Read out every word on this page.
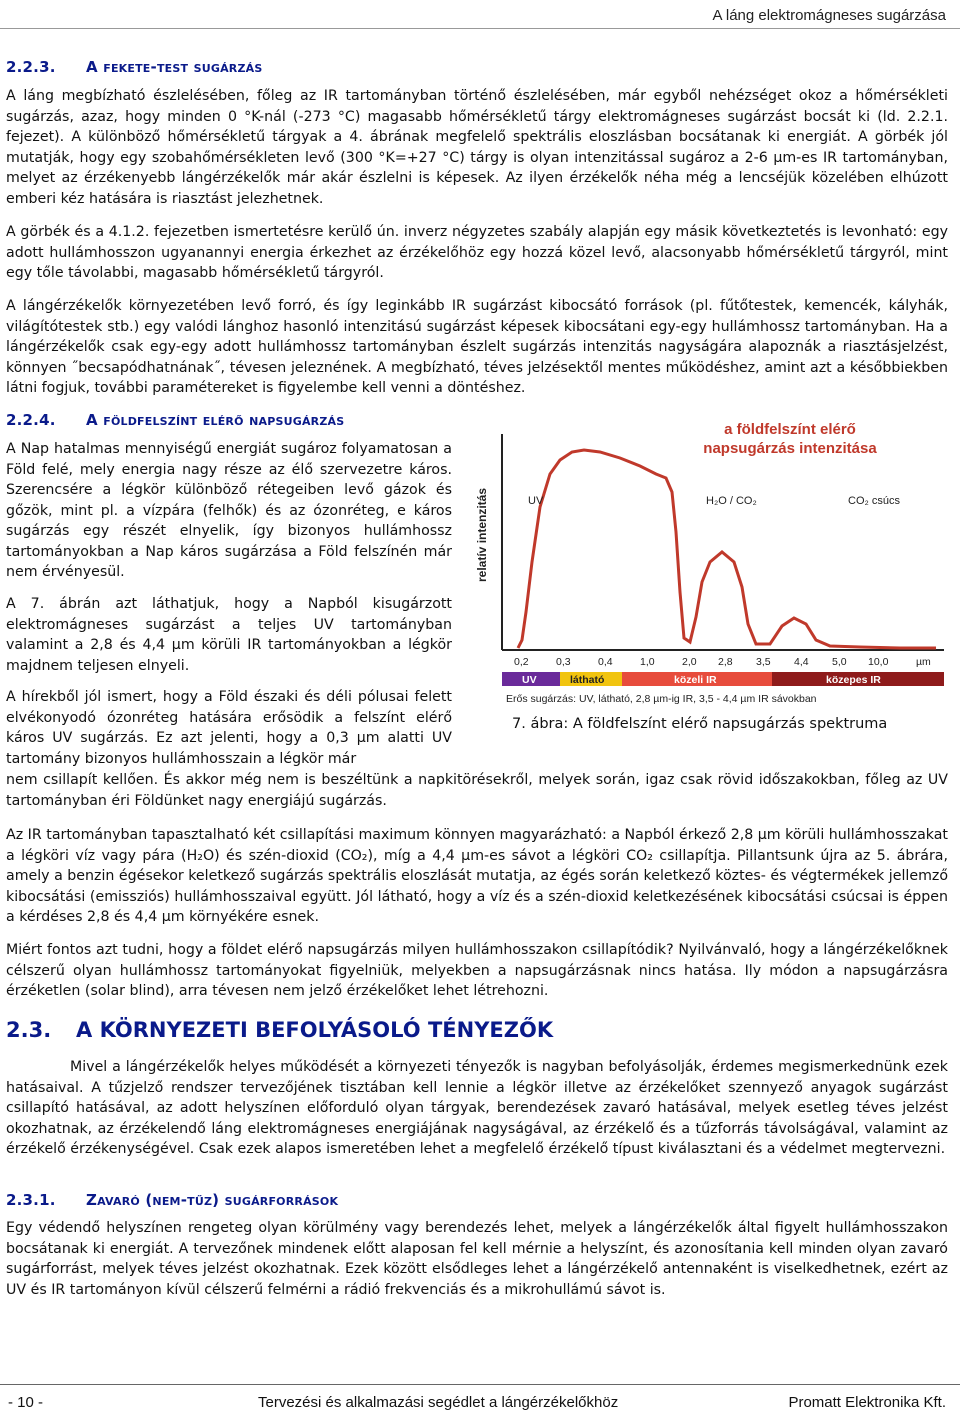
A láng elektromágneses sugárzása
2.2.3. A fekete-test sugárzás

A láng megbízható észlelésében, főleg az IR tartományban történő észlelésében, már egyből nehézséget okoz a hőmérsékleti sugárzás, azaz, hogy minden 0 °K-nál (-273 °C) magasabb hőmérsékletű tárgy elektromágneses sugárzást bocsát ki (ld. 2.2.1. fejezet). A különböző hőmérsékletű tárgyak a 4. ábrának megfelelő spektrális eloszlásban bocsátanak ki energiát. A görbék jól mutatják, hogy egy szobahőmérsékleten levő (300 °K=+27 °C) tárgy is olyan intenzitással sugároz a 2-6 µm-es IR tartományban, melyet az érzékenyebb lángérzékelők már akár észlelni is képesek. Az ilyen érzékelők néha még a lencséjük közelében elhúzott emberi kéz hatására is riasztást jelezhetnek.

A görbék és a 4.1.2. fejezetben ismertetésre kerülő ún. inverz négyzetes szabály alapján egy másik következtetés is levonható: egy adott hullámhosszon ugyanannyi energia érkezhet az érzékelőhöz egy hozzá közel levő, alacsonyabb hőmérsékletű tárgyról, mint egy tőle távolabbi, magasabb hőmérsékletű tárgyról.

A lángérzékelők környezetében levő forró, és így leginkább IR sugárzást kibocsátó források (pl. fűtőtestek, kemencék, kályhák, világítótestek stb.) egy valódi lánghoz hasonló intenzitású sugárzást képesek kibocsátani egy-egy hullámhossz tartományban. Ha a lángérzékelők csak egy-egy adott hullámhossz tartományban észlelt sugárzás intenzitás nagyságára alapoznák a riasztásjelzést, könnyen ˝becsapódhatnának˝, tévesen jeleznének. A megbízható, téves jelzésektől mentes működéshez, amint azt a későbbiekben látni fogjuk, további paramétereket is figyelembe kell venni a döntéshez.

2.2.4. A földfelszínt elérő napsugárzás

A Nap hatalmas mennyiségű energiát sugároz folyamatosan a Föld felé, mely energia nagy része az élő szervezetre káros. Szerencsére a légkör különböző rétegeiben levő gázok és gőzök, mint pl. a vízpára (felhők) és az ózonréteg, e káros sugárzás egy részét elnyelik, így bizonyos hullámhossz tartományokban a Nap káros sugárzása a Föld felszínén már nem érvényesül.

A 7. ábrán azt láthatjuk, hogy a Napból kisugárzott elektromágneses sugárzást a teljes UV tartományban valamint a 2,8 és 4,4 µm körüli IR tartományokban a légkör majdnem teljesen elnyeli.

A hírekből jól ismert, hogy a Föld északi és déli pólusai felett elvékonyodó ózonréteg hatására erősödik a felszínt elérő káros UV sugárzás. Ez azt jelenti, hogy a 0,3 µm alatti UV tartomány bizonyos hullámhosszain a légkör már

nem csillapít kellően. És akkor még nem is beszéltünk a napkitörésekről, melyek során, igaz csak rövid időszakokban, főleg az UV tartományban éri Földünket nagy energiájú sugárzás.

Az IR tartományban tapasztalható két csillapítási maximum könnyen magyarázható: a Napból érkező 2,8 µm körüli hullámhosszakat a légköri víz vagy pára (H₂O) és szén-dioxid (CO₂), míg a 4,4 µm-es sávot a légköri CO₂ csillapítja. Pillantsunk újra az 5. ábrára, amely a benzin égésekor keletkező sugárzás spektrális eloszlását mutatja, az égés során keletkező köztes- és végtermékek jellemző kibocsátási (emissziós) hullámhosszaival együtt. Jól látható, hogy a víz és a szén-dioxid keletkezésének kibocsátási csúcsai is éppen a kérdéses 2,8 és 4,4 µm környékére esnek.

Miért fontos azt tudni, hogy a földet elérő napsugárzás milyen hullámhosszakon csillapítódik? Nyilvánvaló, hogy a lángérzékelőknek célszerű olyan hullámhossz tartományokat figyelniük, melyekben a napsugárzásnak nincs hatása. Ily módon a napsugárzásra érzéketlen (solar blind), arra tévesen nem jelző érzékelőket lehet létrehozni.

2.3. A KÖRNYEZETI BEFOLYÁSOLÓ TÉNYEZŐK

Mivel a lángérzékelők helyes működését a környezeti tényezők is nagyban befolyásolják, érdemes megismerkednünk ezek hatásaival. A tűzjelző rendszer tervezőjének tisztában kell lennie a légkör illetve az érzékelőket szennyező anyagok sugárzást csillapító hatásával, az adott helyszínen előforduló olyan tárgyak, berendezések zavaró hatásával, melyek esetleg téves jelzést okozhatnak, az érzékelendő láng elektromágneses energiájának nagyságával, az érzékelő és a tűzforrás távolságával, valamint az érzékelő érzékenységével. Csak ezek alapos ismeretében lehet a megfelelő érzékelő típust kiválasztani és a védelmet megtervezni.

2.3.1. Zavaró (nem-tűz) sugárforrások

Egy védendő helyszínen rengeteg olyan körülmény vagy berendezés lehet, melyek a lángérzékelők által figyelt hullámhosszakon bocsátanak ki energiát. A tervezőnek mindenek előtt alaposan fel kell mérnie a helyszínt, és azonosítania kell minden olyan zavaró sugárforrást, melyek téves jelzést okozhatnak. Ezek között elsődleges lehet a lángérzékelő antennaként is viselkedhetnek, ezért az UV és IR tartományon kívül célszerű felmérni a rádió frekvenciás és a mikrohullámú sávot is.

relatív intenzitás	UV	H₂O / CO₂	CO₂ csúcs
0,2	0,3	0,4	1,0	2,0 2,8 3,5 4,4 5,0 10,0	µm
UV	látható	közeli IR	közepes IR
Erős sugárzás: UV, látható, 2,8 µm-ig IR, 3,5 - 4,4 µm IR sávokban
a földfelszínt elérő
napsugárzás intenzitása
7. ábra: A földfelszínt elérő napsugárzás spektruma
- 10 -	Tervezési és alkalmazási segédlet a lángérzékelőkhöz	Promatt Elektronika Kft.
